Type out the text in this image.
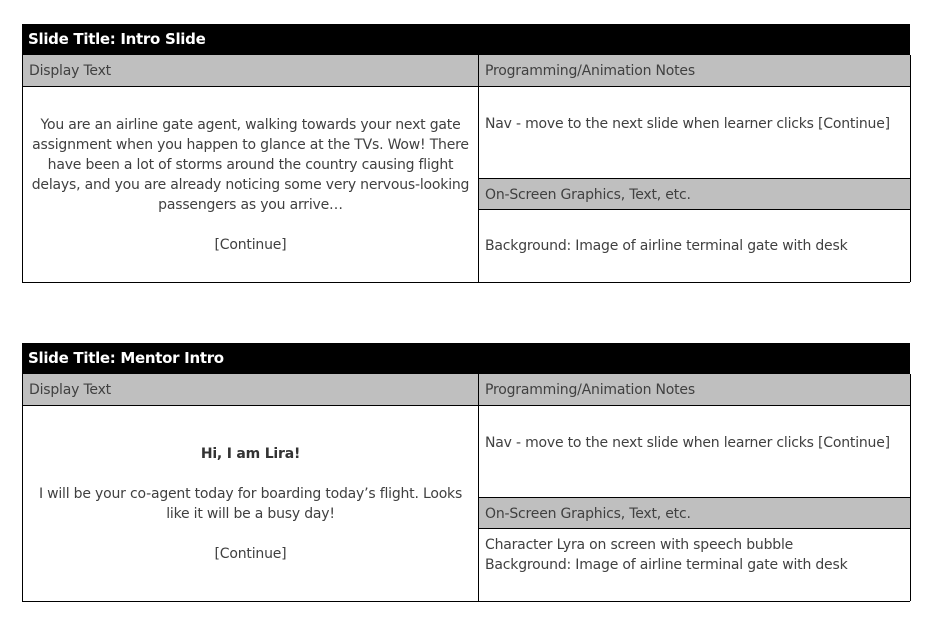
Slide Title: Intro Slide
Display Text	Programming/Animation Notes
You are an airline gate agent, walking towards your next gate assignment when you happen to glance at the TVs. Wow! There have been a lot of storms around the country causing flight delays, and you are already noticing some very nervous-looking passengers as you arrive…
[Continue]
Nav - move to the next slide when learner clicks [Continue]
On-Screen Graphics, Text, etc.
Background: Image of airline terminal gate with desk
Slide Title: Mentor Intro
Display Text	Programming/Animation Notes
Hi, I am Lira!
I will be your co-agent today for boarding today’s flight. Looks like it will be a busy day!
[Continue]
Nav - move to the next slide when learner clicks [Continue]
On-Screen Graphics, Text, etc.
Character Lyra on screen with speech bubble
Background: Image of airline terminal gate with desk
